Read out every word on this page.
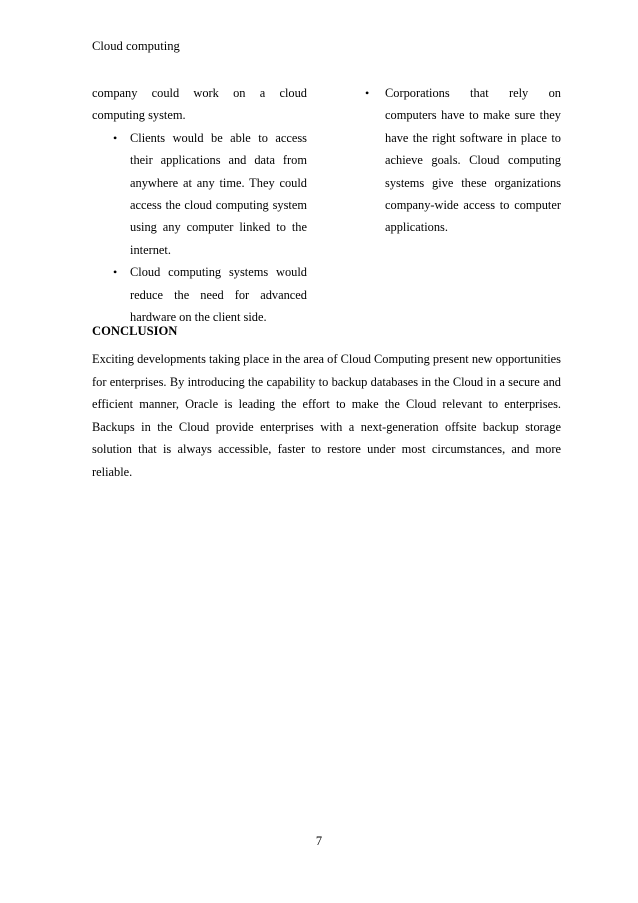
Cloud computing

company could work on a cloud computing system.

• Clients would be able to access their applications and data from anywhere at any time. They could access the cloud computing system using any computer linked to the internet.
• Cloud computing systems would reduce the need for advanced hardware on the client side.
• Corporations that rely on computers have to make sure they have the right software in place to achieve goals. Cloud computing systems give these organizations company-wide access to computer applications.
CONCLUSION

Exciting developments taking place in the area of Cloud Computing present new opportunities for enterprises. By introducing the capability to backup databases in the Cloud in a secure and efficient manner, Oracle is leading the effort to make the Cloud relevant to enterprises. Backups in the Cloud provide enterprises with a next-generation offsite backup storage solution that is always accessible, faster to restore under most circumstances, and more reliable.

7
